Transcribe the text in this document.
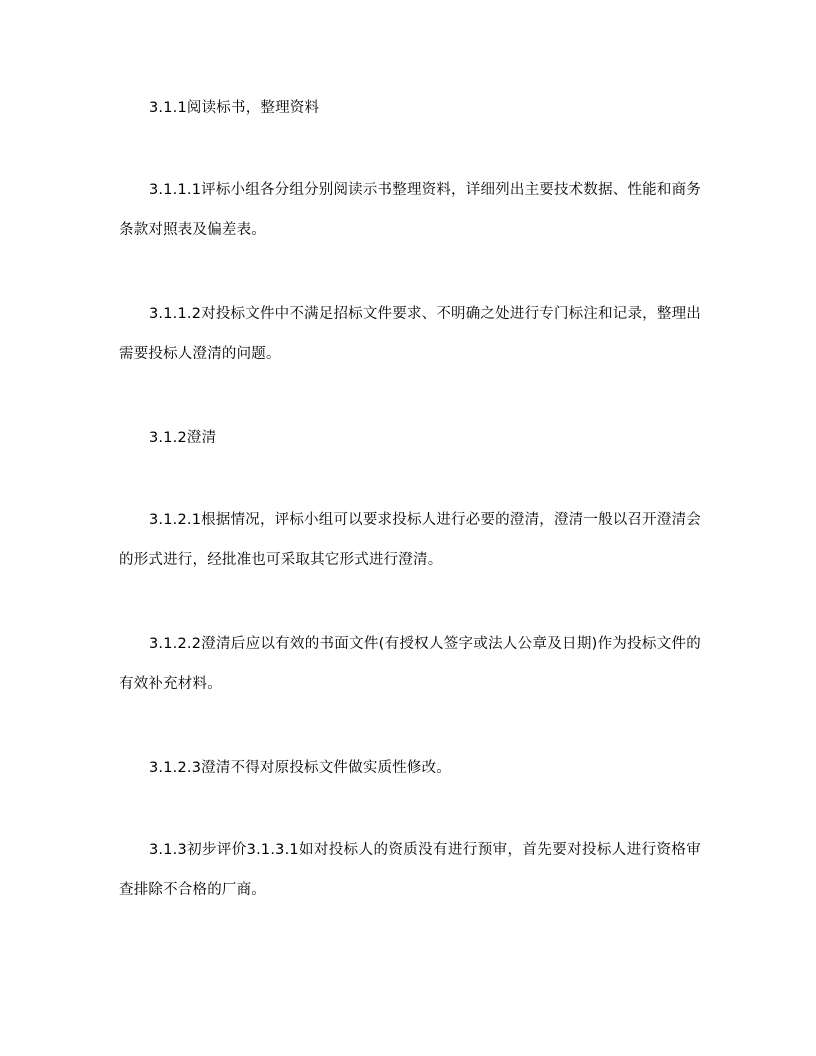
3.1.1阅读标书，整理资料

3.1.1.1评标小组各分组分别阅读示书整理资料，详细列出主要技术数据、性能和商务条款对照表及偏差表。

3.1.1.2对投标文件中不满足招标文件要求、不明确之处进行专门标注和记录，整理出需要投标人澄清的问题。

3.1.2澄清

3.1.2.1根据情况，评标小组可以要求投标人进行必要的澄清，澄清一般以召开澄清会的形式进行，经批准也可采取其它形式进行澄清。

3.1.2.2澄清后应以有效的书面文件(有授权人签字或法人公章及日期)作为投标文件的有效补充材料。

3.1.2.3澄清不得对原投标文件做实质性修改。

3.1.3初步评价3.1.3.1如对投标人的资质没有进行预审，首先要对投标人进行资格审查排除不合格的厂商。
